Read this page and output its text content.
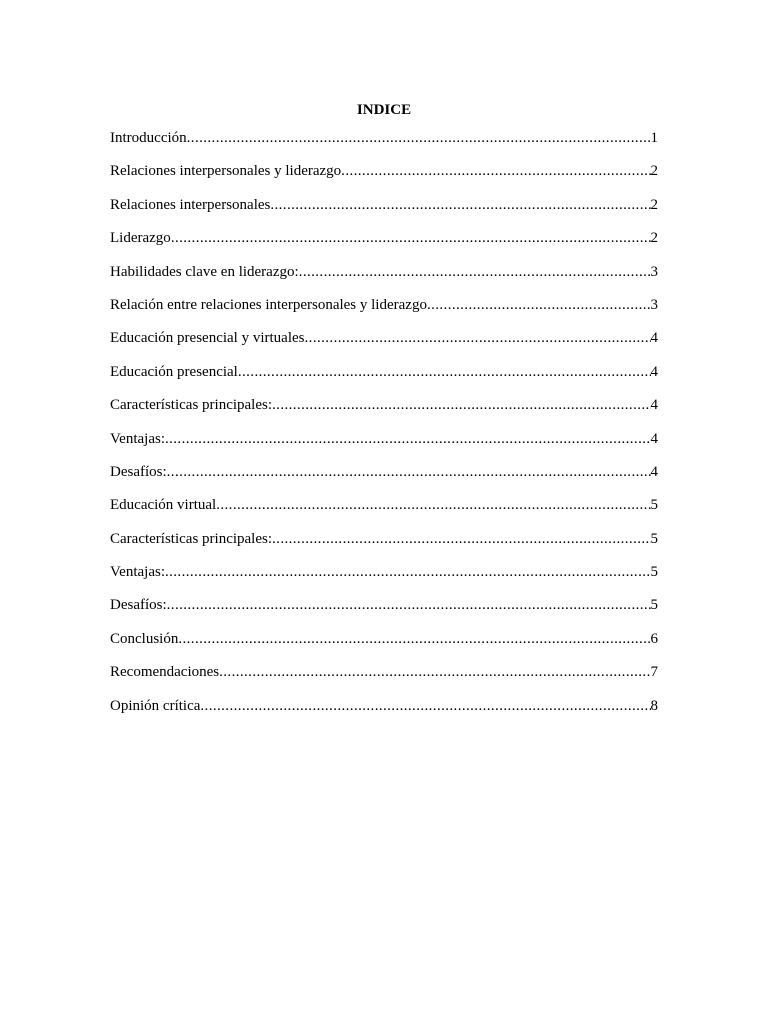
INDICE
Introducción .....	1
Relaciones interpersonales y liderazgo .....	2
Relaciones interpersonales .....	2
Liderazgo .....	2
Habilidades clave en liderazgo: .....	3
Relación entre relaciones interpersonales y liderazgo .....	3
Educación presencial y virtuales .....	4
Educación presencial .....	4
Características principales: .....	4
Ventajas: .....	4
Desafíos: .....	4
Educación virtual .....	5
Características principales: .....	5
Ventajas: .....	5
Desafíos: .....	5
Conclusión .....	6
Recomendaciones .....	7
Opinión crítica .....	8
